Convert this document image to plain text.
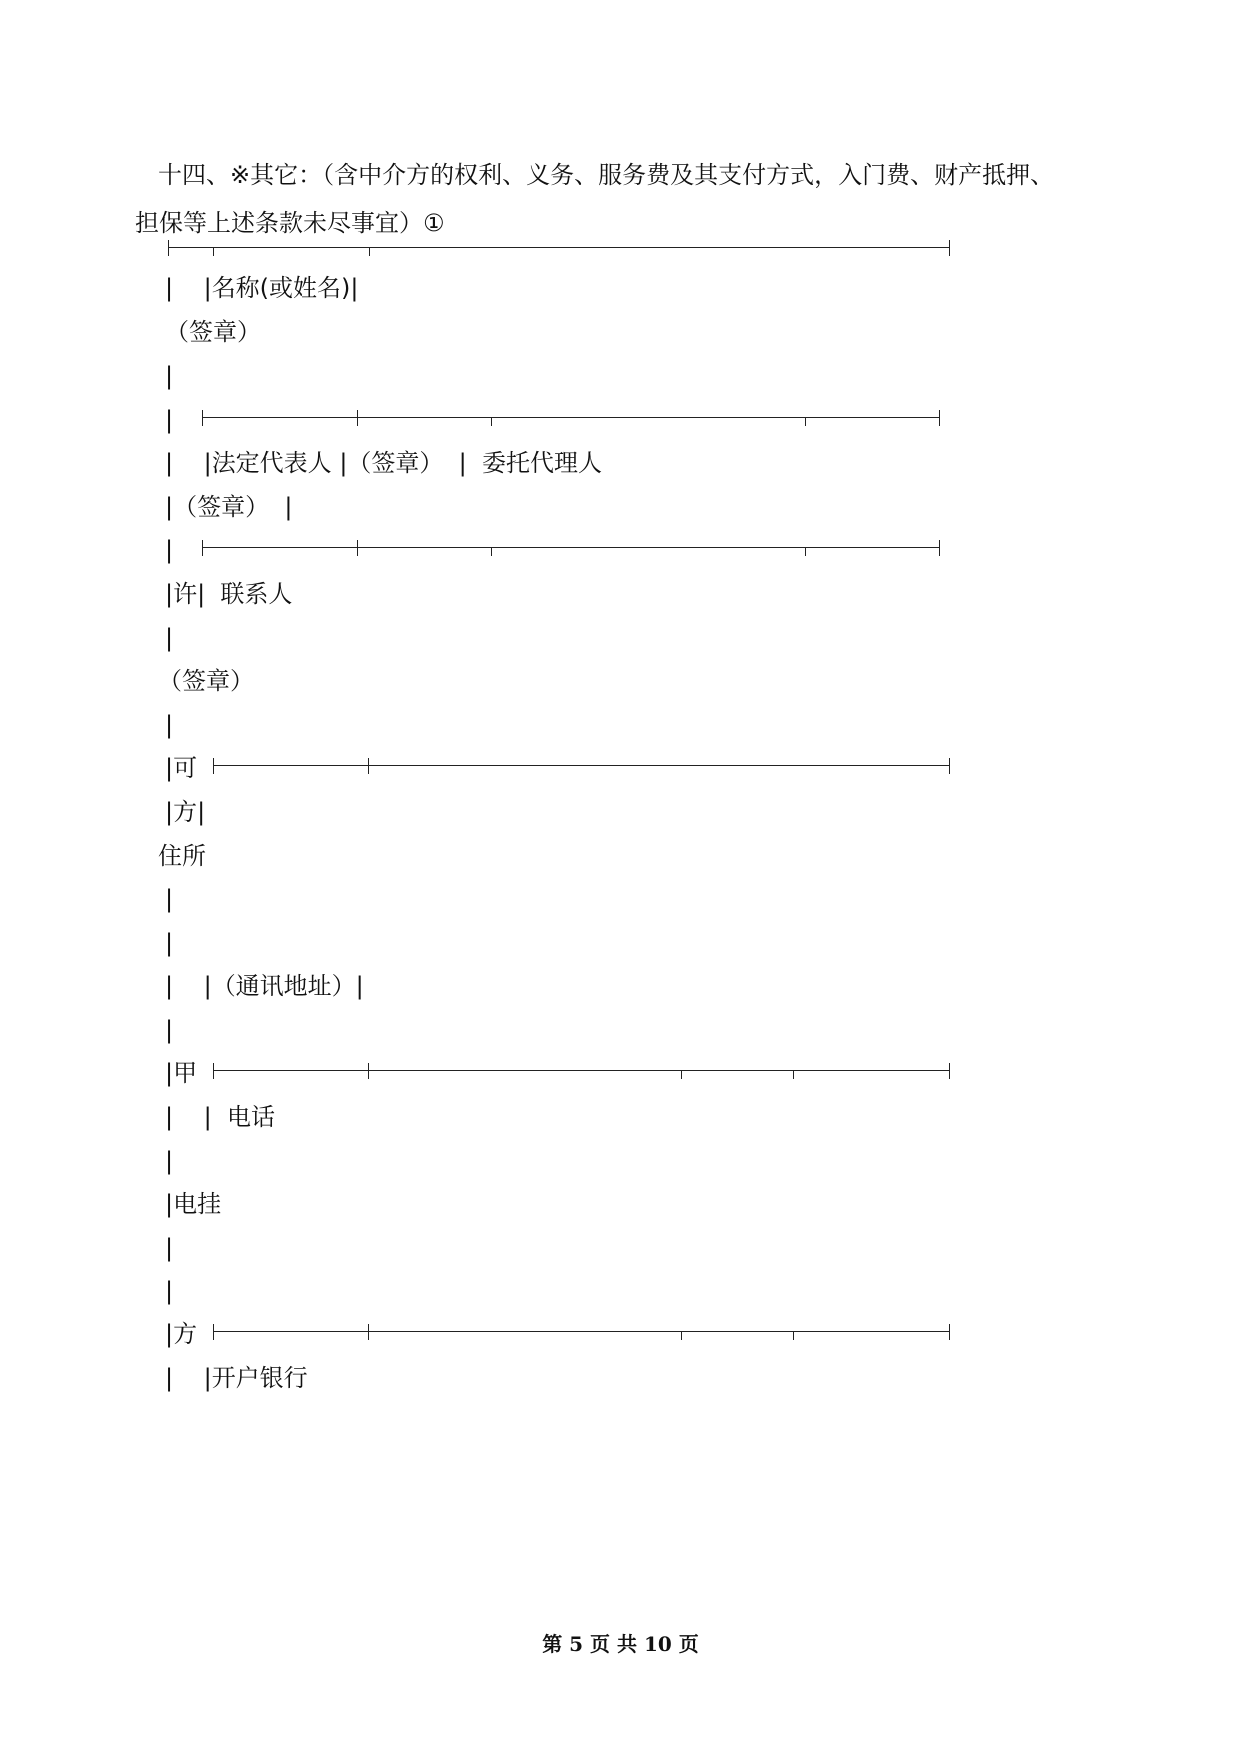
十四、※其它：（含中介方的权利、义务、服务费及其支付方式，入门费、财产抵押、
担保等上述条款未尽事宜）①
|    |名称(或姓名)|
（签章）
|
|
|    |法定代表人 |（签章）  |  委托代理人
|（签章）  |
|
|许|  联系人
|
（签章）
|
|可
|方|
住所
|
|
|    |（通讯地址）|
|
|甲
|    |  电话
|
|电挂
|
|
|方
|    |开户银行
第 5 页 共 10 页
